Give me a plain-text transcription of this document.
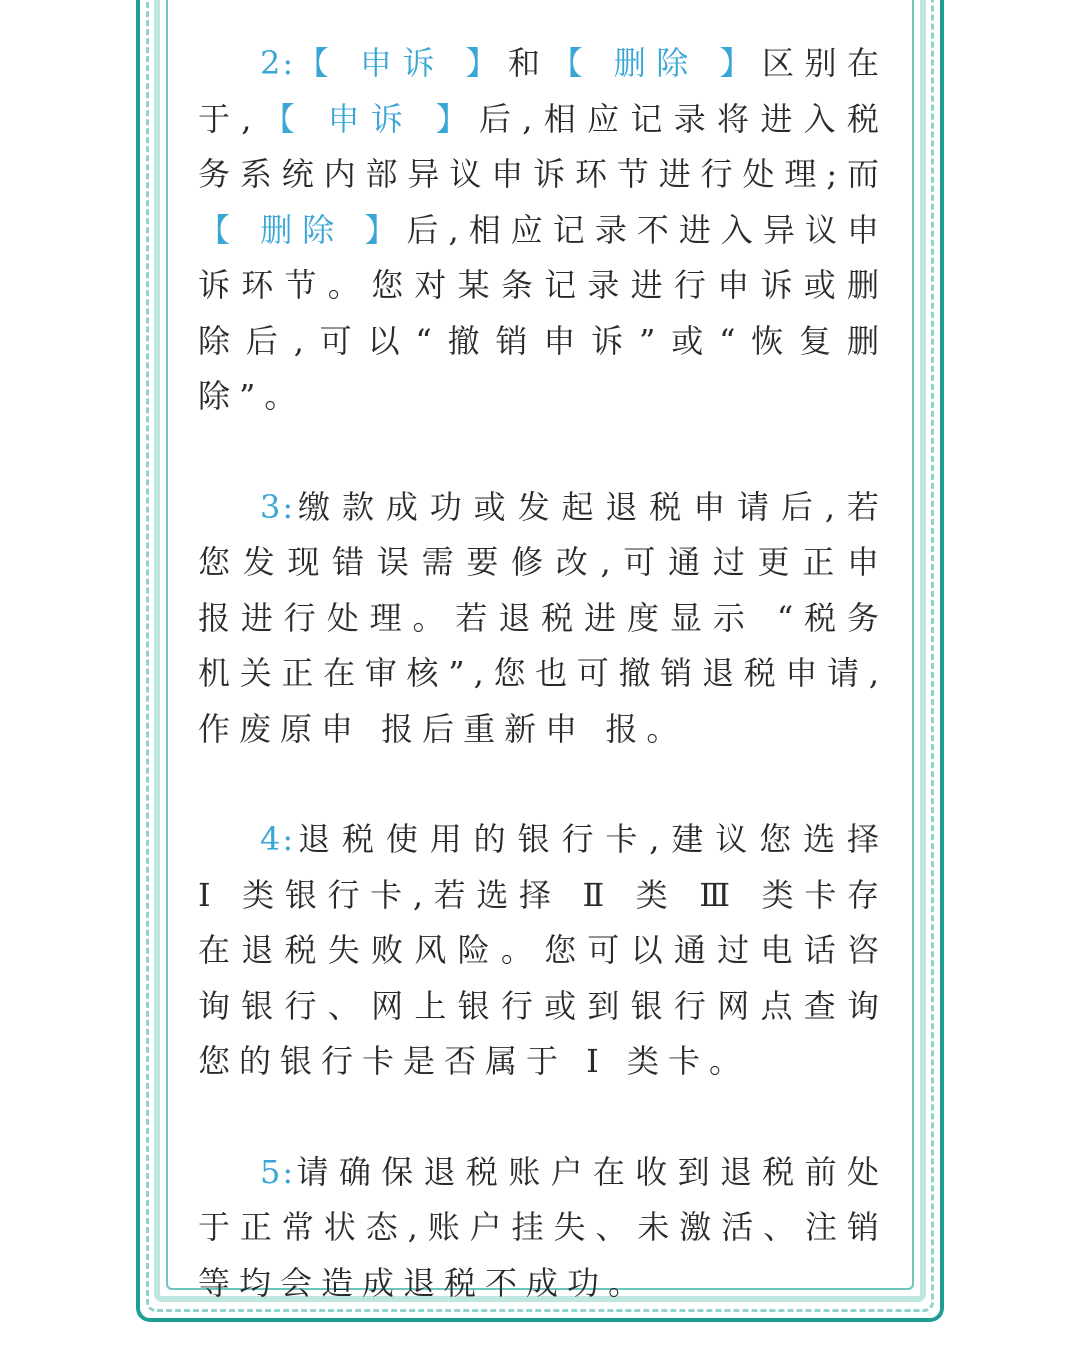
2:【 申诉 】和【 删除 】区别在于,【 申诉 】后,相应记录将进入税务系统内部异议申诉环节进行处理;而【 删除 】后,相应记录不进入异议申诉环节。您对某条记录进行申诉或删除后,可以“撤销申诉”或“恢复删除”。

3:缴款成功或发起退税申请后,若您发现错误需要修改,可通过更正申 报进行处理。若退税进度显示 “税务机关正在审核”,您也可撤销退税申请,作废原申 报后重新申 报。

4:退税使用的银行卡,建议您选择 Ⅰ 类银行卡,若选择 Ⅱ 类 Ⅲ 类卡存在退税失败风险。您可以通过电话咨询银行、网上银行或到银行网点查询您的银行卡是否属于 Ⅰ 类卡。

5:请确保退税账户在收到退税前处于正常状态,账户挂失、未激活、注销等均会造成退税不成功。
